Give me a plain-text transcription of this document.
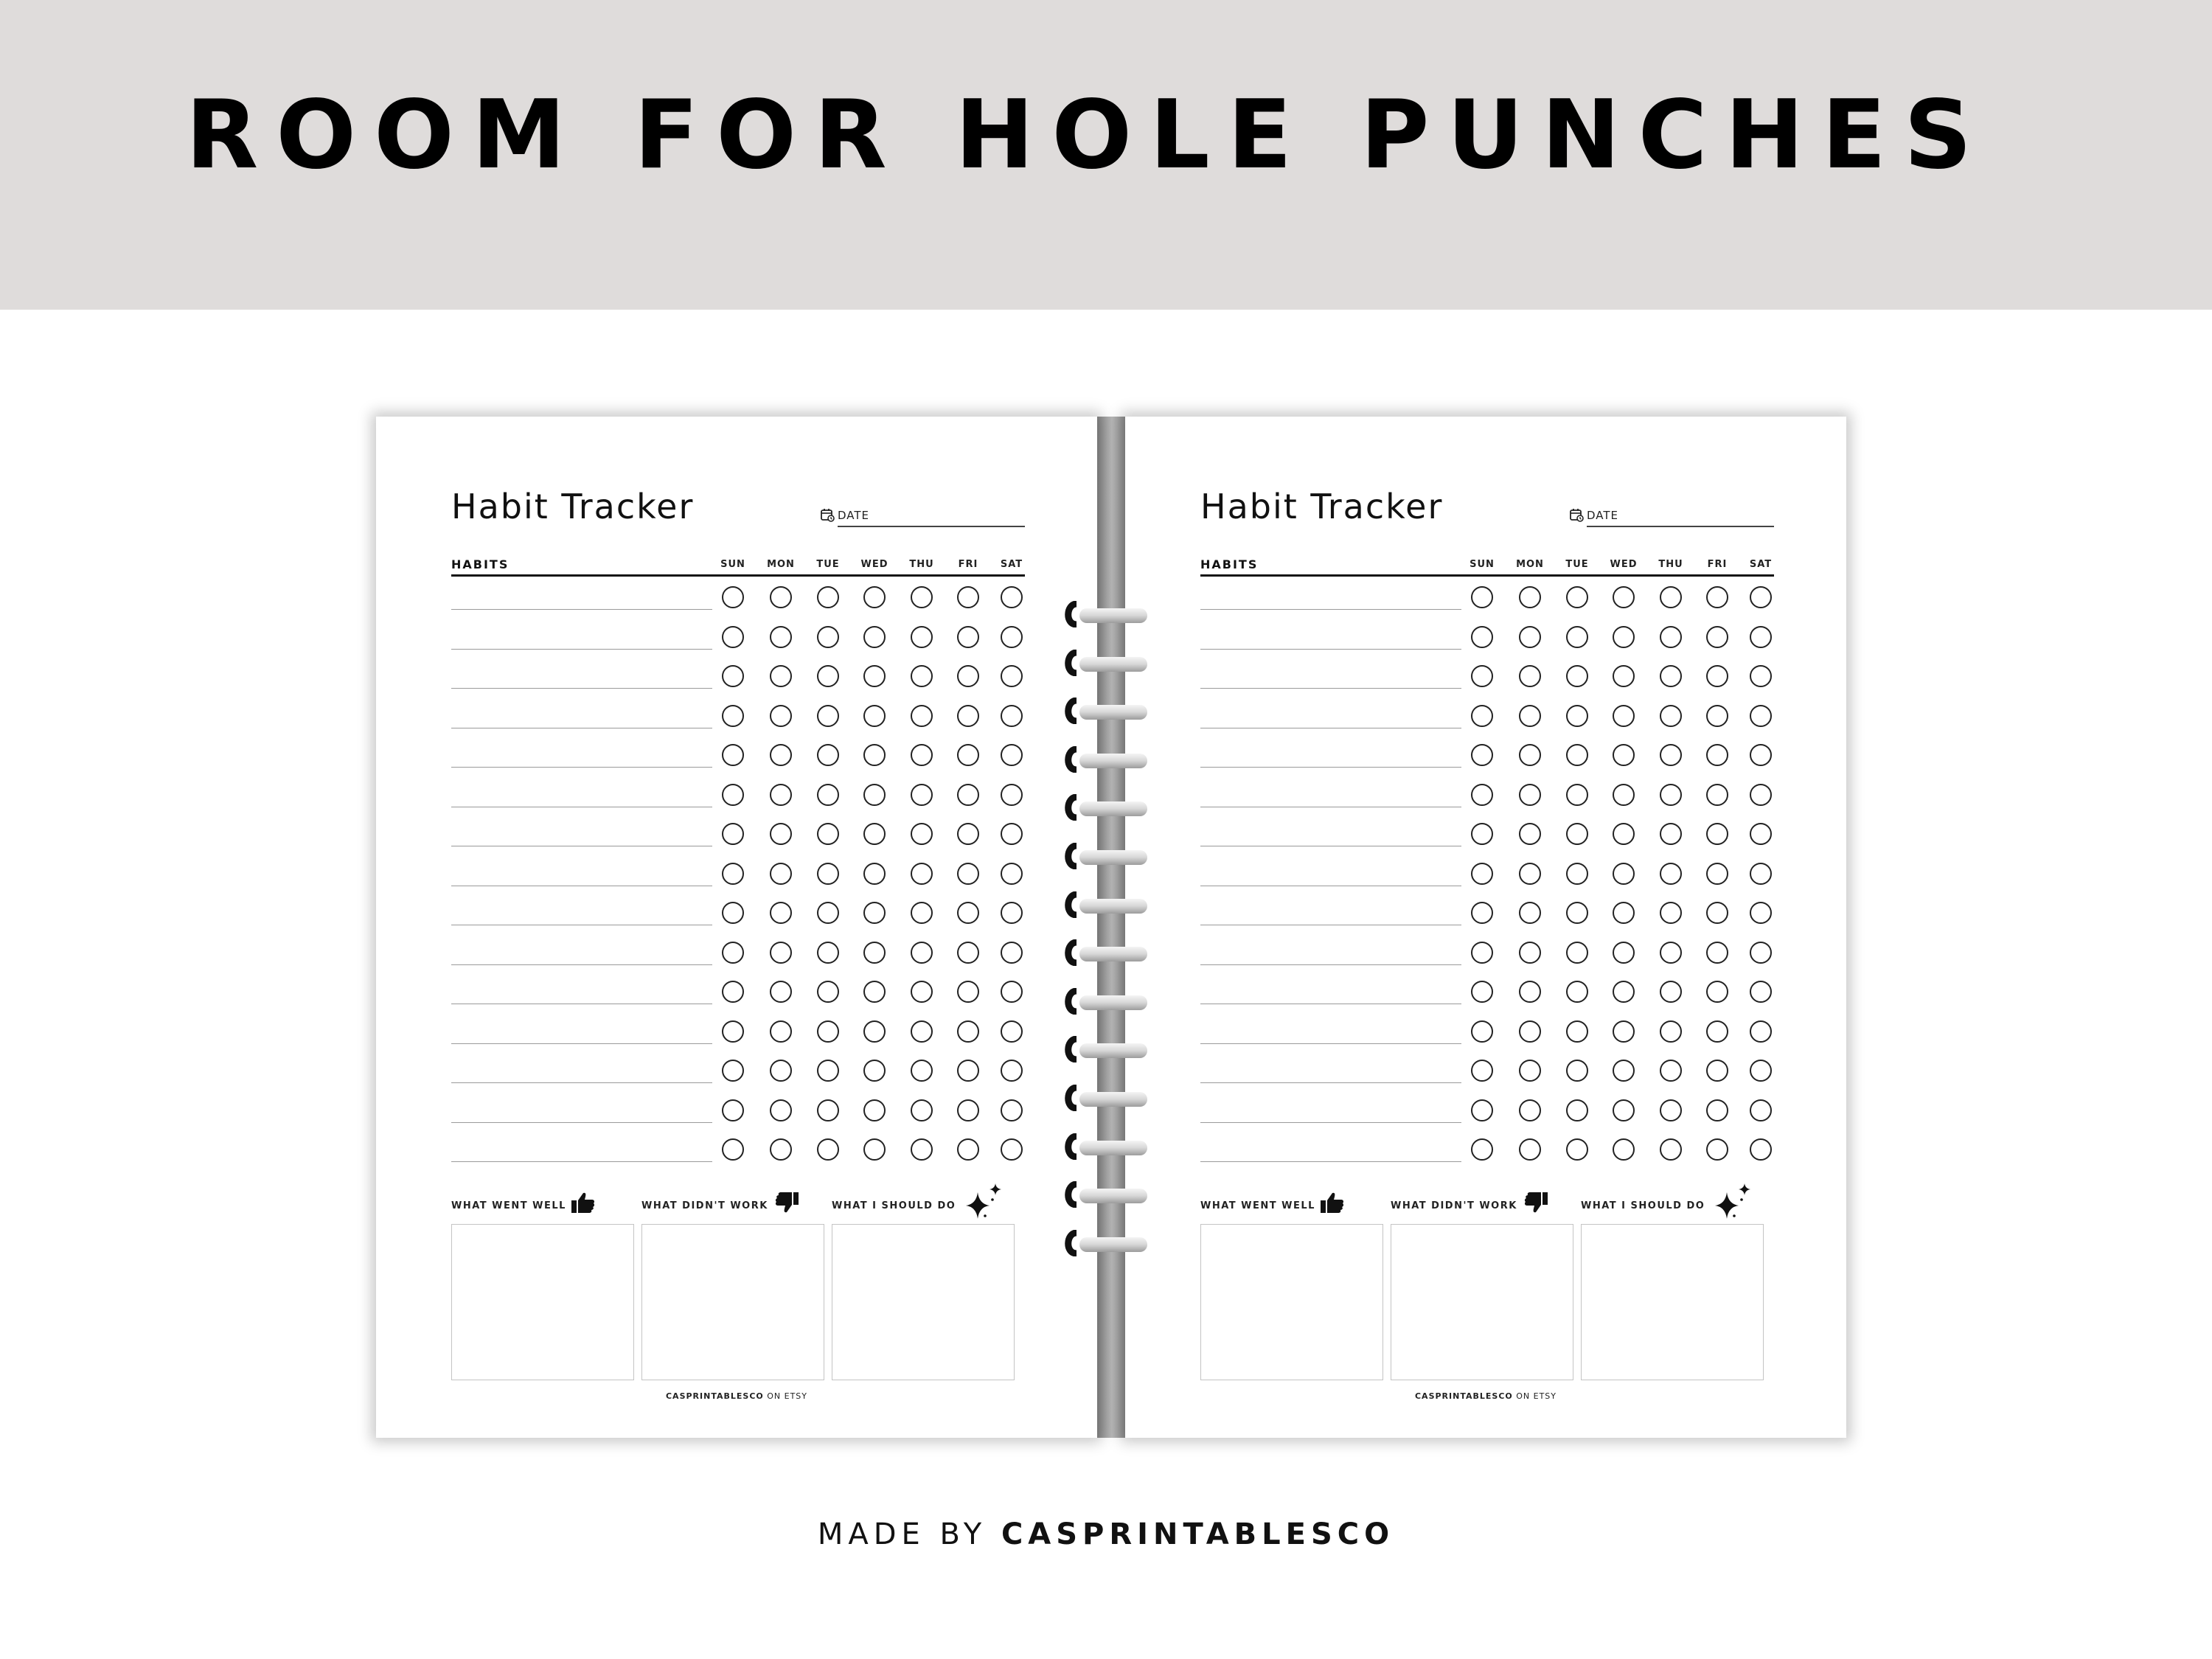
ROOM FOR HOLE PUNCHES
Habit Tracker	DATE
HABITS	SUN	MON	TUE	WED	THU	FRI	SAT
WHAT WENT WELL	WHAT DIDN'T WORK	WHAT I SHOULD DO
CASPRINTABLESCO ON ETSY
Habit Tracker	DATE
HABITS	SUN	MON	TUE	WED	THU	FRI	SAT
WHAT WENT WELL	WHAT DIDN'T WORK	WHAT I SHOULD DO
CASPRINTABLESCO ON ETSY
MADE BY CASPRINTABLESCO
